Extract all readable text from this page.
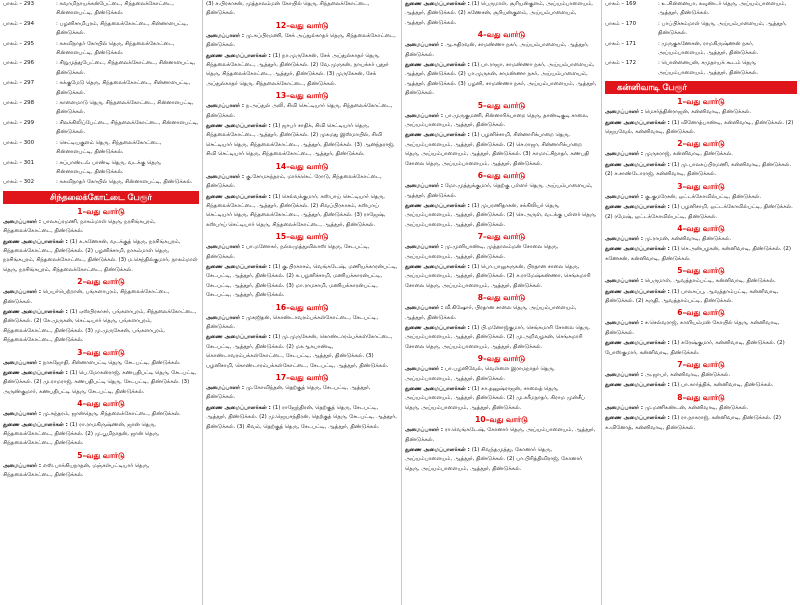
பாகம் – 293	: சுவாமிநாயக்கன்பேட்டை, சிந்தலைக்கோட்டை, சின்னாளபட்டி, திண்டுக்கல்.
பாகம் – 294	: பழனிசாமிபுரம், சிந்தலைக்கோட்டை, சின்னாளபட்டி, திண்டுக்கல்.
பாகம் – 295	: சுகவிநாதர் கோயில் தெரு, சிந்தலைக்கோட்டை, சின்னாளபட்டி, திண்டுக்கல்.
பாகம் – 296	: சிறுமுத்துபேட்டை, சிந்தலைக்கோட்டை, சின்னாளபட்டி, திண்டுக்கல்.
பாகம் – 297	: சுக்குமேடு தெரு, சிந்தலைக்கோட்டை, சின்னாளபட்டி, திண்டுக்கல்.
பாகம் – 298	: காளைமாடு தெரு, சிந்தலைக்கோட்டை, சின்னாளபட்டி, திண்டுக்கல்.
பாகம் – 299	: சிலக்கிலிப்பேட்டை, சிந்தலைக்கோட்டை, சின்னாளபட்டி, திண்டுக்கல்.
பாகம் – 300	: செட்டியகுளம் தெரு, சிந்தலைக்கோட்டை, சின்னாளபட்டி, திண்டுக்கல்.
பாகம் – 301	: சுப்பாண்டவ் பாண்டி தெரு, வடக்கு தெரு, சின்னாளபட்டி, திண்டுக்கல்.
பாகம் – 302	: சுகவிநாதர் கோயில் தெரு, சின்னாளபட்டி, திண்டுக்கல்.
சிந்தலைக்கோட்டை பேரூர்
1–வது வார்டு
அமைப்பாளர் : பாலசுப்ரமணி, நாகம்மாள் தெரு, நரசிங்கபுரம், சிந்தலைக்கோட்டை, திண்டுக்கல்.
துணை அமைப்பாளர்கள் : (1) க.கணேசன், வடக்குத் தெரு, நரசிங்கபுரம், சிந்தலைக்கோட்டை, திண்டுக்கல். (2) பழனிச்சாமி, நாகம்மாள் தெரு, நரசிங்கபுரம், சிந்தலைக்கோட்டை, திண்டுக்கல். (3) ம.செந்தில்குமார், நாகம்மாள் தெரு, நரசிங்கபுரம், சிந்தலைக்கோட்டை, திண்டுக்கல்.
2–வது வார்டு
அமைப்பாளர் : பெயர்பெற்றான், பங்களாபுரம், சிந்தலைக்கோட்டை, திண்டுக்கல்.
துணை அமைப்பாளர்கள் : (1) ஏஸ்பிரகாசர், பங்களாபுரம், சிந்தலைக்கோட்டை, திண்டுக்கல். (2) கே.முருகன், செட்டியார் தெரு, பங்களாபுரம், சிந்தலைக்கோட்டை, திண்டுக்கல். (3) மு.முருகேசன், பங்களாபுரம், சிந்தலைக்கோட்டை, திண்டுக்கல்.
3–வது வார்டு
அமைப்பாளர் : நாகஜோதி, சின்னாளபட்டி தெரு, சேடபட்டி, திண்டுக்கல்.
துணை அமைப்பாளர்கள் : (1) பெ.மோகன்ராஜ், கணபதிபட்டி தெரு, சேடபட்டி, திண்டுக்கல். (2) மு.ராமராஜ், கணபதிபட்டி தெரு, சேடபட்டி, திண்டுக்கல். (3) அருண்குமார், கணபதிபட்டி தெரு, சேடபட்டி, திண்டுக்கல்.
4–வது வார்டு
அமைப்பாளர் : மு.சுந்தரம், ஜான்தெரு, சிந்தலைக்கோட்டை, திண்டுக்கல்.
துணை அமைப்பாளர்கள் : (1) ரா.ராமகிருஷ்ணன், ஜான் தெரு, சிந்தலைக்கோட்டை, திண்டுக்கல். (2) மு.பூமிநாதன், ஜான் தெரு, சிந்தலைக்கோட்டை, திண்டுக்கல்.
5–வது வார்டு
அமைப்பாளர் : எஸ்.பாக்கியநாதன், மஞ்சள்பட்டியார் தெரு, சிந்தலைக்கோட்டை, திண்டுக்கல்.
(3) ச.பிரகாசன், முத்தாலம்மன் கோயில் தெரு, சிந்தலைக்கோட்டை, திண்டுக்கல்.
12–வது வார்டு
அமைப்பாளர் : மு.சுப்பிரமணி, சேக் அப்துல்காதர் தெரு, சிந்தலைக்கோட்டை, திண்டுக்கல்.
துணை அமைப்பாளர்கள் : (1) நா.முருகேசன், சேக் அப்துல்காதர் தெரு, சிந்தலைக்கோட்டை, ஆத்தூர், திண்டுக்கல். (2) வே.முருகன், நாயக்கர் புதூர் தெரு, சிந்தலைக்கோட்டை, ஆத்தூர், திண்டுக்கல். (3) முருகேசன், சேக் அப்துல்காதர் தெரு, சிந்தலைக்கோட்டை, திண்டுக்கல்.
13–வது வார்டு
அமைப்பாளர் : ந.அப்துல் அலி, சிவி செட்டியார் தெரு, சிந்தலைக்கோட்டை, திண்டுக்கல்.
துணை அமைப்பாளர்கள் : (1) ஜாபர் சாதிக், சிவி செட்டியார் தெரு, சிந்தலைக்கோட்டை, ஆத்தூர், திண்டுக்கல். (2) முகமது இஸ்மாயில், சிவி செட்டியார் தெரு, சிந்தலைக்கோட்டை, ஆத்தூர், திண்டுக்கல். (3) ஆனந்தராஜ், சிவி செட்டியார் தெரு, சிந்தலைக்கோட்டை, ஆத்தூர், திண்டுக்கல்.
14–வது வார்டு
அமைப்பாளர் : கு.சோமசுந்தரம், மார்க்கெட் ரோடு, சிந்தலைக்கோட்டை, திண்டுக்கல்.
துணை அமைப்பாளர்கள் : (1) செல்வக்குமார், கஸ்பாய் செட்டியார் தெரு, சிந்தலைக்கோட்டை, ஆத்தூர், திண்டுக்கல். (2) சிவப்பிரகாசம், கஸ்பாய் செட்டியார் தெரு, சிந்தலைக்கோட்டை, ஆத்தூர், திண்டுக்கல். (3) ராஜேஷ், கஸ்பாய் செட்டியார் தெரு, சிந்தலைக்கோட்டை, ஆத்தூர், திண்டுக்கல்.
15–வது வார்டு
அமைப்பாளர் : பா.மனோகர், நல்லமுத்துவிலாஸ் தெரு, சேடபட்டி, திண்டுக்கல்.
துணை அமைப்பாளர்கள் : (1) கு.பிரகாசம், வெங்கடேஷ், மணியக்காரன்பட்டி, சேடபட்டி, ஆத்தூர், திண்டுக்கல். (2) க.பழனிச்சாமி, மணியக்காரன்பட்டி, சேடபட்டி, ஆத்தூர், திண்டுக்கல். (3) மா.ராமசாமி, மணியக்காரன்பட்டி, சேடபட்டி, ஆத்தூர், திண்டுக்கல்.
16–வது வார்டு
அமைப்பாளர் : முகஜிதன், கொண்டாவரம்பக்கள்கோட்டை, சேடபட்டி, திண்டுக்கல்.
துணை அமைப்பாளர்கள் : (1) மு.முருகேசன், கொண்டாரம்பக்கள்கோட்டை, சேடபட்டி, ஆத்தூர், திண்டுக்கல். (2) மகஆகபாண்டி, கொண்டாவரம்பக்கள்கோட்டை, சேடபட்டி, ஆத்தூர், திண்டுக்கல். (3) பழனிசாமி, கொண்டாரம்பக்கள்கோட்டை, சேடபட்டி, ஆத்தூர், திண்டுக்கல்.
17–வது வார்டு
அமைப்பாளர் : மு.கோவிந்தன், தெற்குத் தெரு, சேடபட்டி, ஆத்தூர், திண்டுக்கல்.
துணை அமைப்பாளர்கள் : (1) ராஜேந்திரன், தெற்குத் தெரு, சேடபட்டி, ஆத்தூர், திண்டுக்கல். (2) மு.ஜெயசந்திரன், தெற்குத் தெரு, சேடபட்டி, ஆத்தூர், திண்டுக்கல். (3) சிவம், தெற்குத் தெரு, சேடபட்டி, ஆத்தூர், திண்டுக்கல்.
துணை அமைப்பாளர்கள் : (1) பெருமாள், சூரியன்குளம், அய்யம்பாளையம், ஆத்தூர், திண்டுக்கல். (2) கணேசன், சூரியன்குளம், அய்யம்பாளையம், ஆத்தூர், திண்டுக்கல்.
4–வது வார்டு
அமைப்பாளர் : ஆ.சுதிரவன், சாமண்ணா நகர், அய்யம்பாளையம், ஆத்தூர், திண்டுக்கல்.
துணை அமைப்பாளர்கள் : (1) பா.ராஜா, சாமண்ணா நகர், அய்யம்பாளையம், ஆத்தூர், திண்டுக்கல். (2) பா.முருகன், சாமண்ணா நகர், அய்யம்பாளையம், ஆத்தூர், திண்டுக்கல். (3) பழனி, சாமண்ணா நகர், அய்யம்பாளையம், ஆத்தூர், திண்டுக்கல்.
5–வது வார்டு
அமைப்பாளர் : பா.முருகுமணி, சின்னாரிக்பாறை தெரு, தாண்டிகுடி சாலை, அய்யம்பாளையம், ஆத்தூர், திண்டுக்கல்.
துணை அமைப்பாளர்கள் : (1) பழனிச்சாமி, சின்னாரிக்பாறை தெரு, அய்யம்பாளையம், ஆத்தூர், திண்டுக்கல். (2) செ.ராஜா, சின்னாரிக்பாறை தெரு, அய்யம்பாளையம், ஆத்தூர், திண்டுக்கல். (3) காமாட்சிநாதர், கணபதி சோலை தெரு, அய்யம்பாளையம், ஆத்தூர், திண்டுக்கல்.
6–வது வார்டு
அமைப்பாளர் : மோ.முத்துக்குமார், தெற்கு பள்ளர் தெரு, அய்யம்பாளையம், ஆத்தூர், திண்டுக்கல்.
துணை அமைப்பாளர்கள் : (1) முபரணிதாசன், சக்கிலியர் தெரு, அய்யம்பாளையம், ஆத்தூர், திண்டுக்கல். (2) செ.அருள், வடக்கு பள்ளர் தெரு, அய்யம்பாளையம், ஆத்தூர், திண்டுக்கல்.
7–வது வார்டு
அமைப்பாளர் : மு.முனியாண்டி, முத்தாலம்மன் சோலை தெரு, அய்யம்பாளையம், ஆத்தூர், திண்டுக்கல்.
துணை அமைப்பாளர்கள் : (1) பொ.பாலுசுருகன், பிரதான சாலை தெரு, அய்யம்பாளையம், ஆத்தூர், திண்டுக்கல். (2) ச.ராமேஷ்கண்ணா, செங்கமாரி சோலை தெரு, அய்யம்பாளையம், ஆத்தூர், திண்டுக்கல்.
8–வது வார்டு
அமைப்பாளர் : வீ.கிஷோர், பிரதான சாலை தெரு, அய்யம்பாளையம், ஆத்தூர், திண்டுக்கல்.
துணை அமைப்பாளர்கள் : (1) பி.மனோஜ்குமார், செங்கமாரி சோலை தெரு, அய்யம்பாளையம், ஆத்தூர், திண்டுக்கல். (2) மு.அறிவழகன், செங்கமாரி சோலை தெரு, அய்யம்பாளையம், ஆத்தூர், திண்டுக்கல்.
9–வது வார்டு
அமைப்பாளர் : பா.பழனிவேல், வெள்ளை இராமநாதர் தெரு, அய்யம்பாளையம், ஆத்தூர், திண்டுக்கல்.
துணை அமைப்பாளர்கள் : (1) கா.தனுஷ்ராஜன், சாலைத் தெரு, அய்யம்பாளையம், ஆத்தூர், திண்டுக்கல். (2) மு.கரீமநாதர், கிராம முன்சீப் தெரு, அய்யம்பாளையம், ஆத்தூர், திண்டுக்கல்.
10–வது வார்டு
அமைப்பாளர் : ரா.வெங்கடேஷ், கோனார் தெரு, அய்யம்பாளையம், ஆத்தூர், திண்டுக்கல்.
துணை அமைப்பாளர்கள் : (1) சிவந்தமுத்து, கோனார் தெரு, அய்யம்பாளையம், ஆத்தூர், திண்டுக்கல். (2) பா.பிரித்திவிராஜ், கோனார் தெரு, அய்யம்பாளையம், ஆத்தூர், திண்டுக்கல்.
பாகம் – 169	: உ.சின்னையா, கவுண்டர் தெரு, அய்யம்பாளையம், ஆத்தூர், திண்டுக்கல்.
பாகம் – 170	: பாப்பிச்சம்மாள் தெரு, அய்யம்பாளையம், ஆத்தூர், திண்டுக்கல்.
பாகம் – 171	: முருகுகணேசன், ராமகிருஷ்ணன் நகர், அய்யம்பாளையம், ஆத்தூர், திண்டுக்கல்.
பாகம் – 172	: பொன்னையன், சமுதாயக் கூடம் தெரு, அய்யம்பாளையம், ஆத்தூர், திண்டுக்கல்.
கன்னிவாடி பேரூர்
1–வது வார்டு
அமைப்பாளர் : மெசர்த்தின்ராஜன், கன்னிவாடி, திண்டுக்கல்.
துணை அமைப்பாளர்கள் : (1) வினோத்பாண்டி, கன்னிவாடி, திண்டுக்கல். (2) ஜெயவேல், கன்னிவாடி, திண்டுக்கல்.
2–வது வார்டு
அமைப்பாளர் : முருகராஜ், கன்னிவாடி, திண்டுக்கல்.
துணை அமைப்பாளர்கள் : (1) மு.பாலசுப்பிரமணி, கன்னிவாடி, திண்டுக்கல். (2) ச.சாண்டோராஜ், கன்னிவாடி, திண்டுக்கல்.
3–வது வார்டு
அமைப்பாளர் : கு.குமரேசன், ஒட்டக்கோவில்பட்டி, திண்டுக்கல்.
துணை அமைப்பாளர்கள் : (1) பழனிசாமி, ஒட்டக்கோவில்பட்டி, திண்டுக்கல். (2) ரமேஷ், ஒட்டக்கோவில்பட்டி, திண்டுக்கல்.
4–வது வார்டு
அமைப்பாளர் : மு.ராமன், கன்னிவாடி, திண்டுக்கல்.
துணை அமைப்பாளர்கள் : (1) செ.அன்பழகன், கன்னிவாடி, திண்டுக்கல். (2) கணேசன், கன்னிவாடி, திண்டுக்கல்.
5–வது வார்டு
அமைப்பாளர் : பெருமாள், ஆவத்தாம்பட்டி, கன்னிவாடி, திண்டுக்கல்.
துணை அமைப்பாளர்கள் : (1) பாலசுப்பு, ஆவத்தாம்பட்டி, கன்னிவாடி, திண்டுக்கல். (2) சுருதி, ஆவத்தாம்பட்டி, திண்டுக்கல்.
6–வது வார்டு
அமைப்பாளர் : ச.செல்வராஜ், காளியம்மன் கோயில் தெரு, கன்னிவாடி, திண்டுக்கல்.
துணை அமைப்பாளர்கள் : (1) சுரேஷ்குமார், கன்னிவாடி, திண்டுக்கல். (2) போஸ்குமார், கன்னிவாடி, திண்டுக்கல்.
7–வது வார்டு
அமைப்பாளர் : அ.ஜாபர், கன்னிவாடி, திண்டுக்கல்.
துணை அமைப்பாளர்கள் : (1) பா.கார்த்திக், கன்னிவாடி, திண்டுக்கல்.
8–வது வார்டு
அமைப்பாளர் : மு.மணிகண்டன், கன்னிவாடி, திண்டுக்கல்.
துணை அமைப்பாளர்கள் : (1) ரா.நாகராஜ், கன்னிவாடி, திண்டுக்கல். (2) க.வினோத், கன்னிவாடி, திண்டுக்கல்.
